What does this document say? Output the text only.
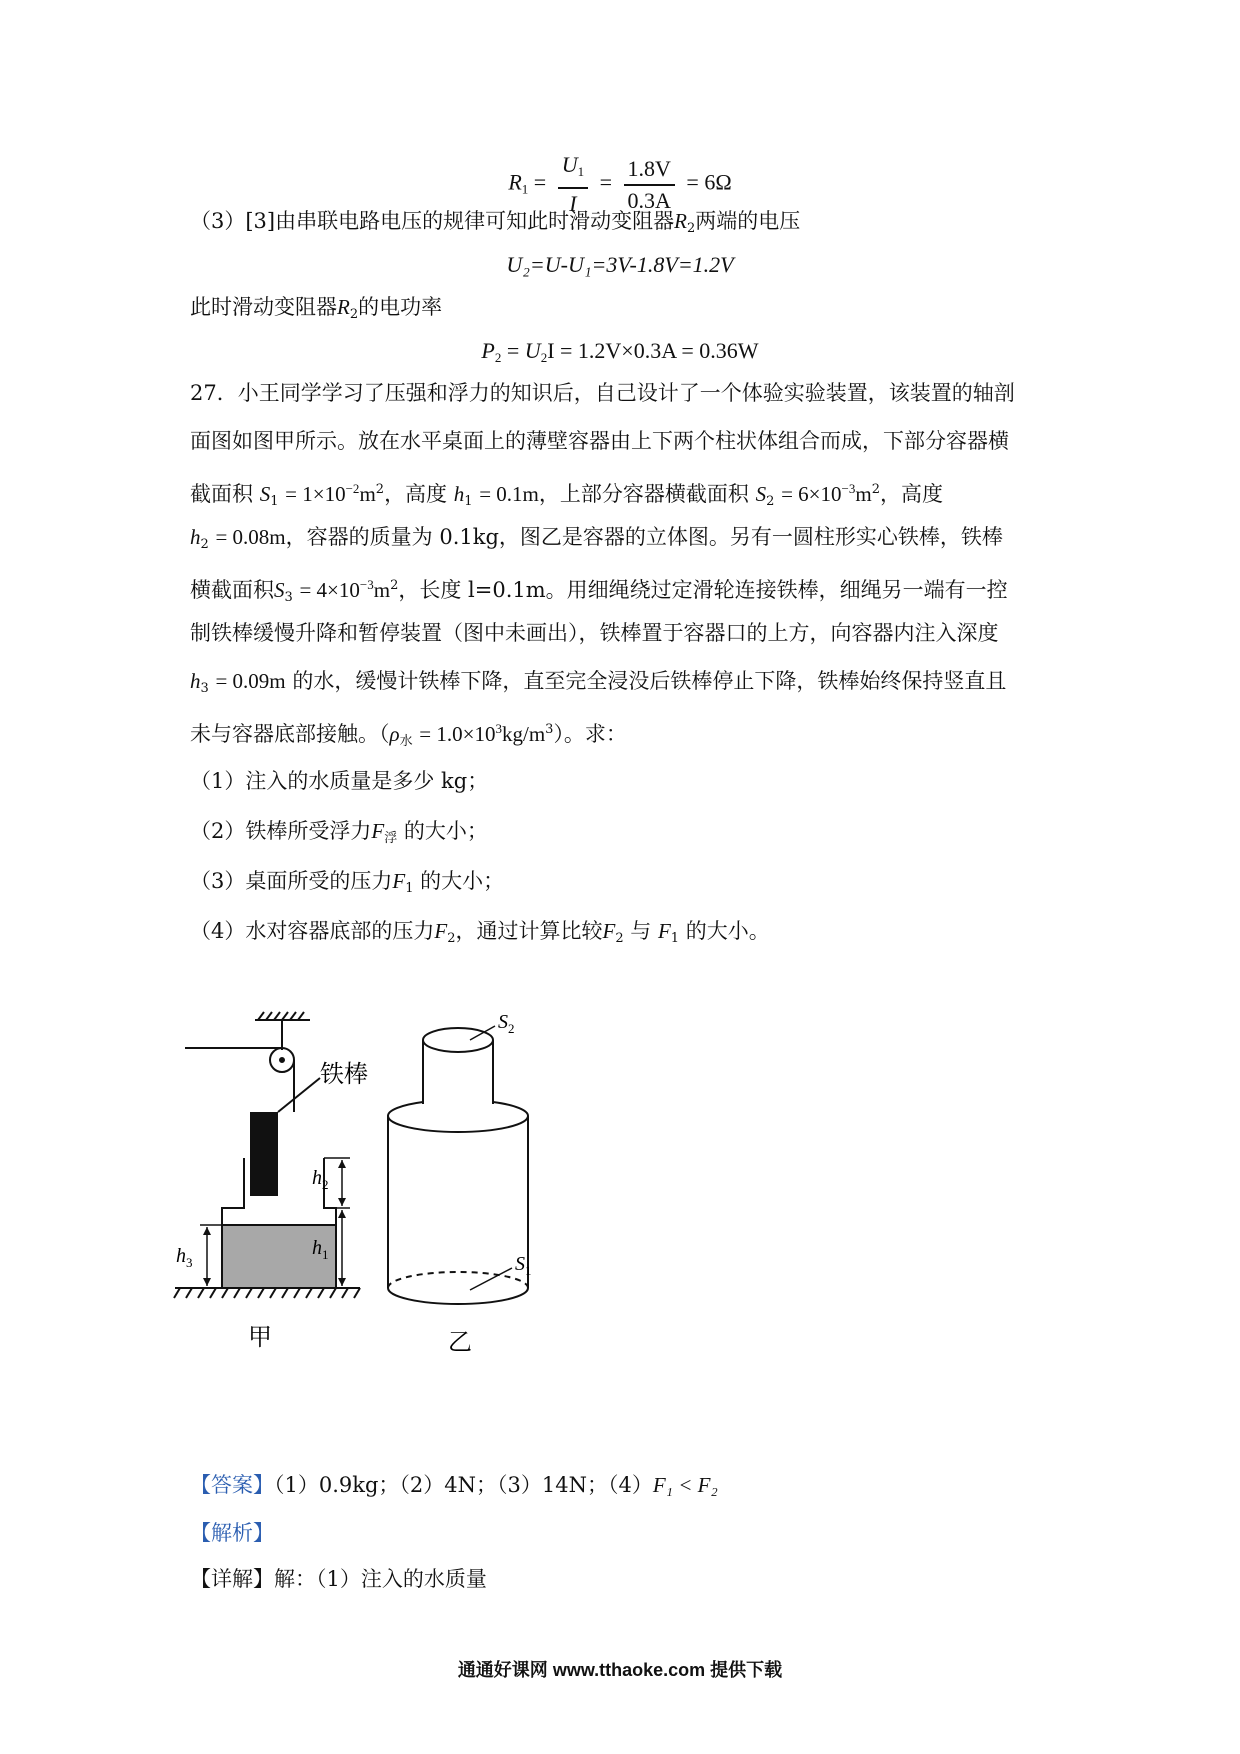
$R_1 = \frac{U_1}{I} = \frac{1.8V}{0.3A} = 6\Omega$
（3）[3]由串联电路电压的规律可知此时滑动变阻器$R_2$两端的电压
U₂=U-U₁=3V-1.8V=1.2V
此时滑动变阻器$R_2$的电功率
$P_2 = U_2I = 1.2V\times 0.3A = 0.36W$
27．小王同学学习了压强和浮力的知识后，自己设计了一个体验实验装置，该装置的轴剖
面图如图甲所示。放在水平桌面上的薄壁容器由上下两个柱状体组合而成，下部分容器横
截面积 $S_1 = 1\times 10^{-2}m^2$，高度 $h_1 = 0.1m$，上部分容器横截面积 $S_2 = 6\times 10^{-3}m^2$，高度
$h_2 = 0.08m$，容器的质量为 0.1kg，图乙是容器的立体图。另有一圆柱形实心铁棒，铁棒
横截面积$S_3 = 4\times 10^{-3}m^2$，长度 l=0.1m。用细绳绕过定滑轮连接铁棒，细绳另一端有一控
制铁棒缓慢升降和暂停装置（图中未画出），铁棒置于容器口的上方，向容器内注入深度
$h_3 = 0.09m$ 的水，缓慢计铁棒下降，直至完全浸没后铁棒停止下降，铁棒始终保持竖直且
未与容器底部接触。$(\rho_水 = 1.0\times 10^3kg/m^3)$。求：
（1）注入的水质量是多少 kg；
（2）铁棒所受浮力$F_浮$ 的大小；
（3）桌面所受的压力$F_1$ 的大小；
（4）水对容器底部的压力$F_2$，通过计算比较$F_2$ 与 $F_1$ 的大小。
铁棒
$h_2$
$h_1$
$h_3$
甲
$S_2$
$S_1$
乙
【答案】（1）0.9kg；（2）4N；（3）14N；（4）F₁ < F₂
【解析】
【详解】解：（1）注入的水质量
通通好课网 www.tthaoke.com 提供下载
